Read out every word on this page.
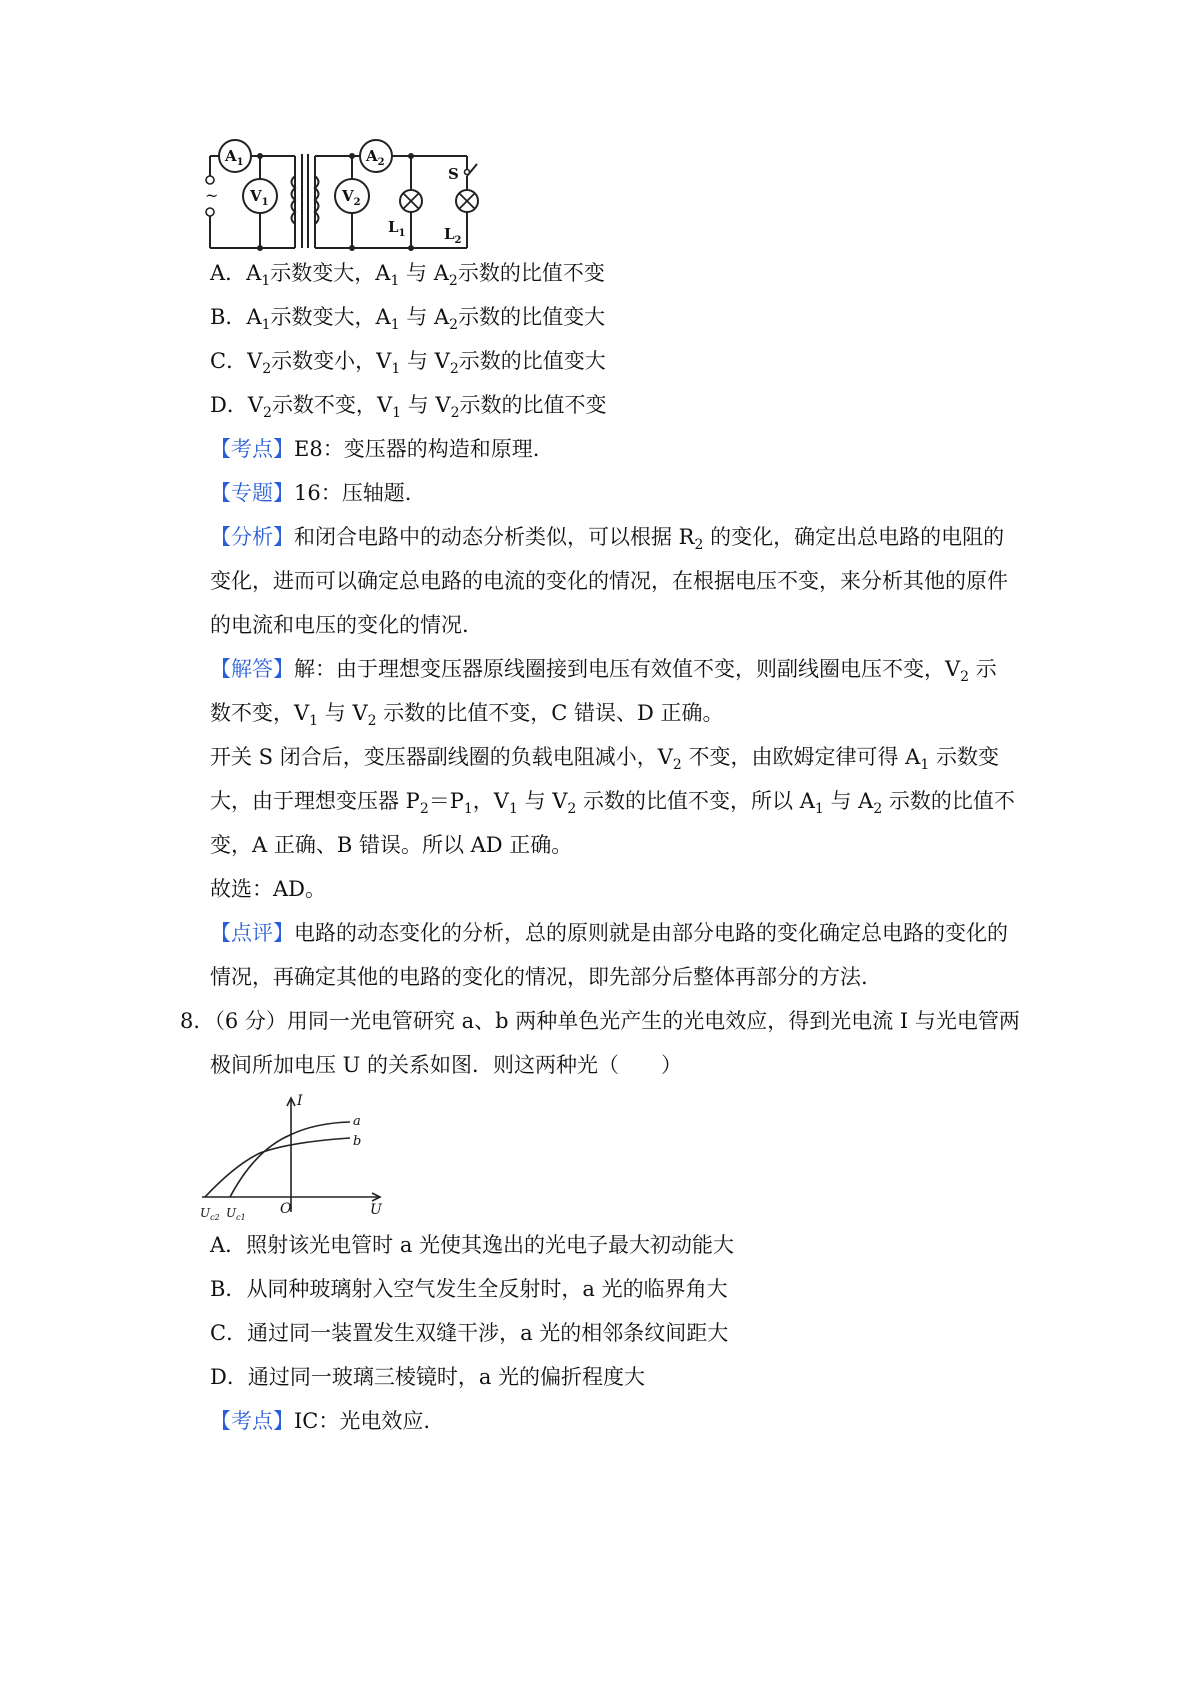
$A_1$
$V_1$
$A_2$
$V_2$
$L_1$	$L_2$
S
~
A．$A_1$示数变大，$A_1$ 与 $A_2$示数的比值不变
B．$A_1$示数变大，$A_1$ 与 $A_2$示数的比值变大
C．$V_2$示数变小，$V_1$ 与 $V_2$示数的比值变大
D．$V_2$示数不变，$V_1$ 与 $V_2$示数的比值不变
【考点】E8：变压器的构造和原理.
【专题】16：压轴题.
【分析】和闭合电路中的动态分析类似，可以根据 $R_2$ 的变化，确定出总电路的电阻的
变化，进而可以确定总电路的电流的变化的情况，在根据电压不变，来分析其他的原件
的电流和电压的变化的情况.
【解答】解：由于理想变压器原线圈接到电压有效值不变，则副线圈电压不变，$V_2$ 示
数不变，$V_1$ 与 $V_2$ 示数的比值不变，C 错误、D 正确。
开关 S 闭合后，变压器副线圈的负载电阻减小，$V_2$ 不变，由欧姆定律可得 $A_1$ 示数变
大，由于理想变压器 $P_2=P_1$，$V_1$ 与 $V_2$ 示数的比值不变，所以 $A_1$ 与 $A_2$ 示数的比值不
变，A 正确、B 错误。所以 AD 正确。
故选：AD。
【点评】电路的动态变化的分析，总的原则就是由部分电路的变化确定总电路的变化的
情况，再确定其他的电路的变化的情况，即先部分后整体再部分的方法.
8．（6 分）用同一光电管研究 a、b 两种单色光产生的光电效应，得到光电流 I 与光电管两
极间所加电压 U 的关系如图．则这两种光（　　）
I
U
O
a
b
$U_{c2}$ $U_{c1}$
A．照射该光电管时 a 光使其逸出的光电子最大初动能大
B．从同种玻璃射入空气发生全反射时，a 光的临界角大
C．通过同一装置发生双缝干涉，a 光的相邻条纹间距大
D．通过同一玻璃三棱镜时，a 光的偏折程度大
【考点】IC：光电效应.
